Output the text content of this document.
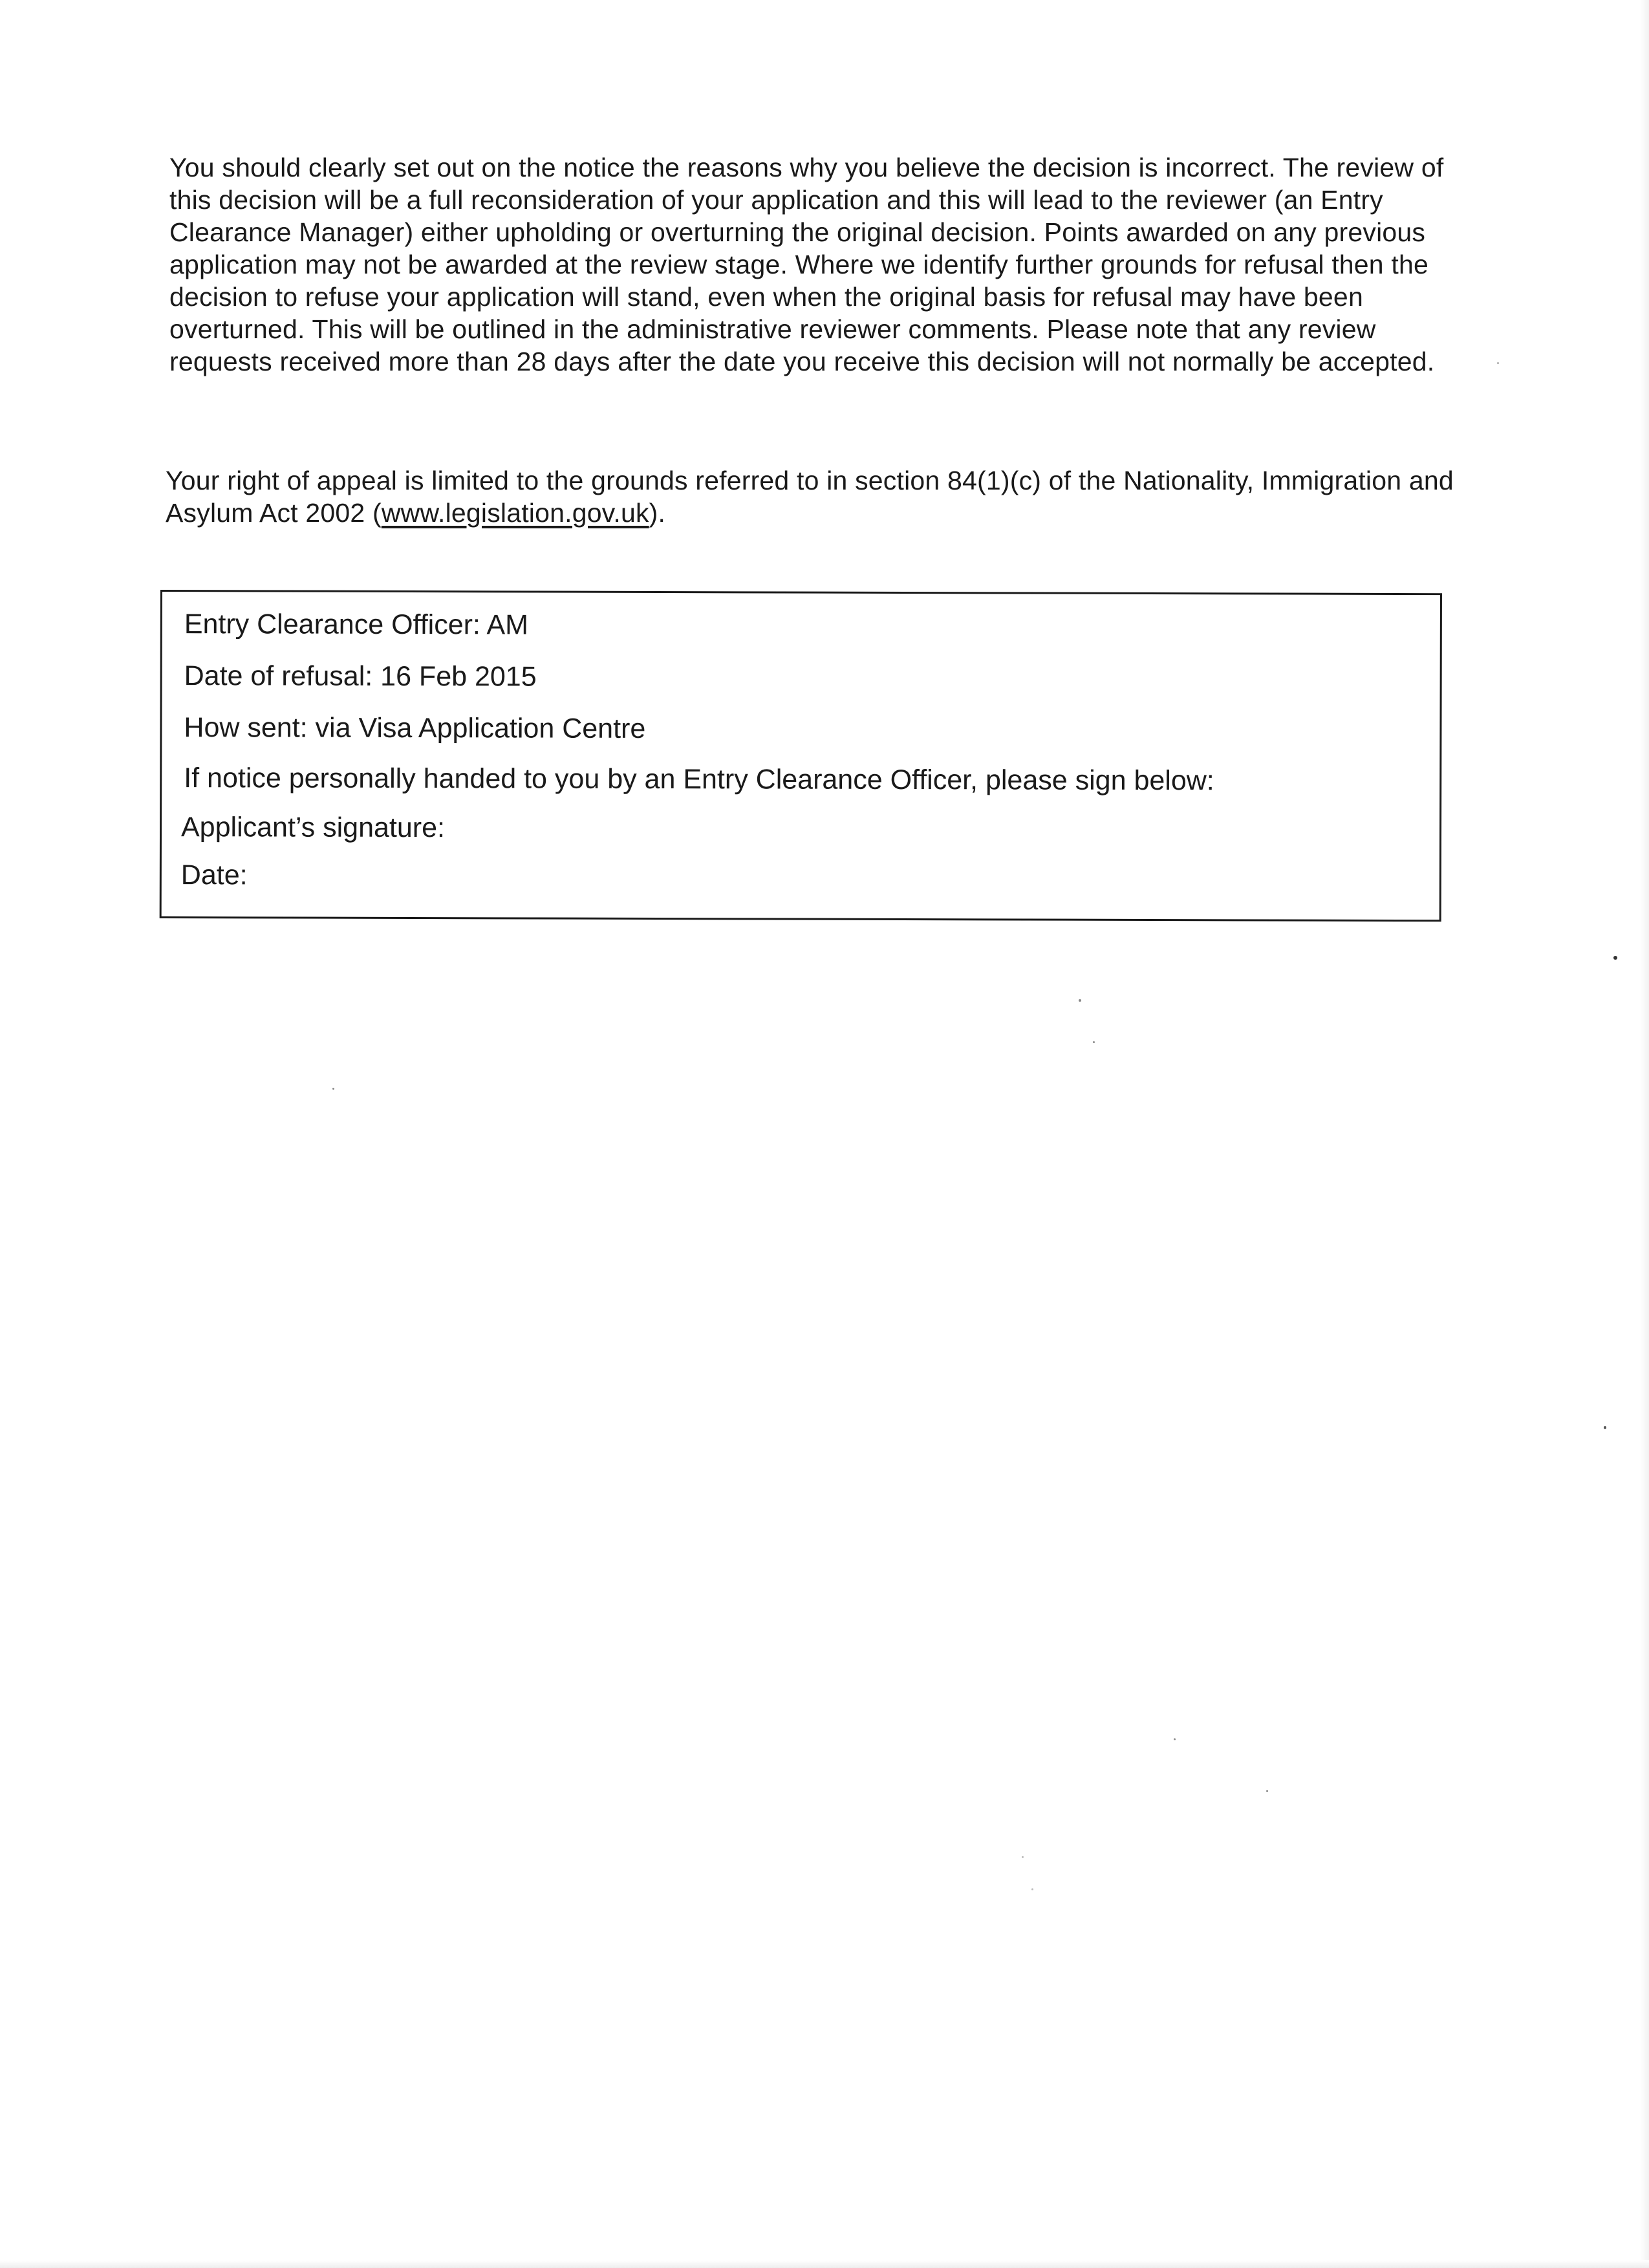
You should clearly set out on the notice the reasons why you believe the decision is incorrect. The review of this decision will be a full reconsideration of your application and this will lead to the reviewer (an Entry Clearance Manager) either upholding or overturning the original decision. Points awarded on any previous application may not be awarded at the review stage. Where we identify further grounds for refusal then the decision to refuse your application will stand, even when the original basis for refusal may have been overturned. This will be outlined in the administrative reviewer comments. Please note that any review requests received more than 28 days after the date you receive this decision will not normally be accepted.

Your right of appeal is limited to the grounds referred to in section 84(1)(c) of the Nationality, Immigration and Asylum Act 2002 (www.legislation.gov.uk).

Entry Clearance Officer: AM
Date of refusal: 16 Feb 2015
How sent: via Visa Application Centre
If notice personally handed to you by an Entry Clearance Officer, please sign below:
Applicant’s signature:
Date:
